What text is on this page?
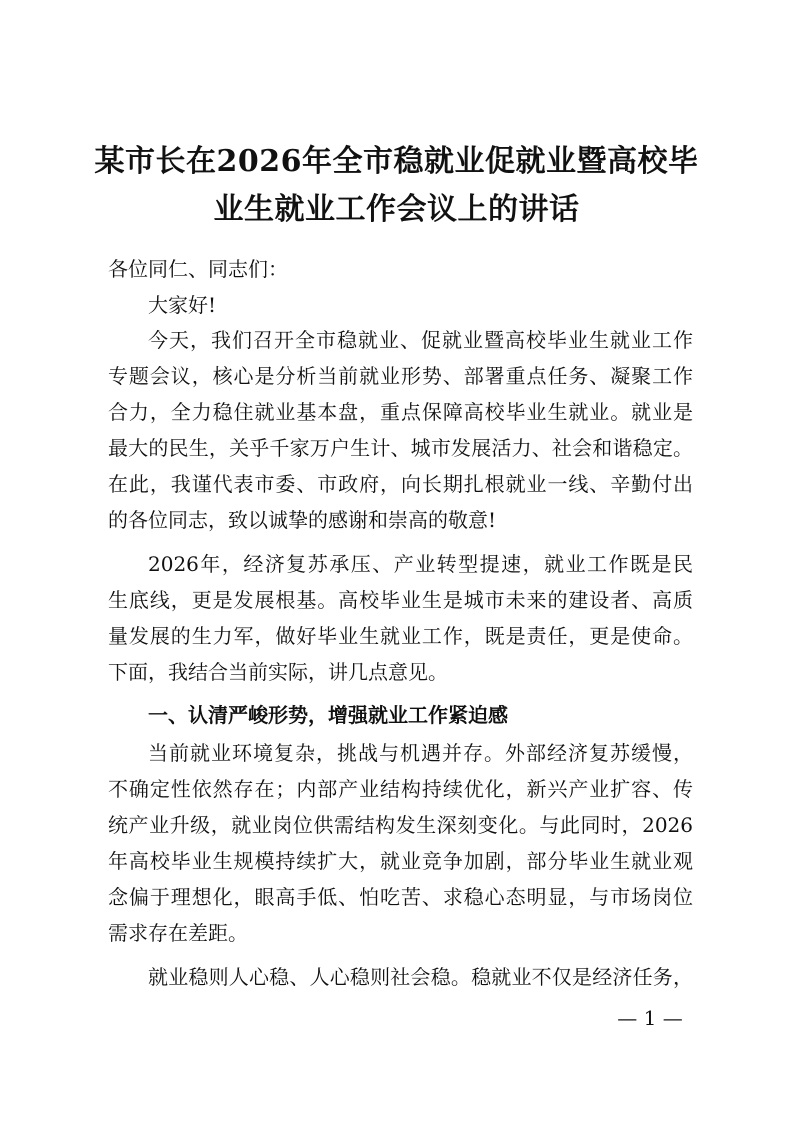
某市长在2026年全市稳就业促就业暨高校毕
业生就业工作会议上的讲话

各位同仁、同志们：

大家好!

今天，我们召开全市稳就业、促就业暨高校毕业生就业工作

专题会议，核心是分析当前就业形势、部署重点任务、凝聚工作

合力，全力稳住就业基本盘，重点保障高校毕业生就业。就业是

最大的民生，关乎千家万户生计、城市发展活力、社会和谐稳定。

在此，我谨代表市委、市政府，向长期扎根就业一线、辛勤付出

的各位同志，致以诚挚的感谢和崇高的敬意!

2026年，经济复苏承压、产业转型提速，就业工作既是民

生底线，更是发展根基。高校毕业生是城市未来的建设者、高质

量发展的生力军，做好毕业生就业工作，既是责任，更是使命。

下面，我结合当前实际，讲几点意见。

一、认清严峻形势，增强就业工作紧迫感

当前就业环境复杂，挑战与机遇并存。外部经济复苏缓慢，

不确定性依然存在；内部产业结构持续优化，新兴产业扩容、传

统产业升级，就业岗位供需结构发生深刻变化。与此同时，2026

年高校毕业生规模持续扩大，就业竞争加剧，部分毕业生就业观

念偏于理想化，眼高手低、怕吃苦、求稳心态明显，与市场岗位

需求存在差距。

就业稳则人心稳、人心稳则社会稳。稳就业不仅是经济任务，

— 1 —
